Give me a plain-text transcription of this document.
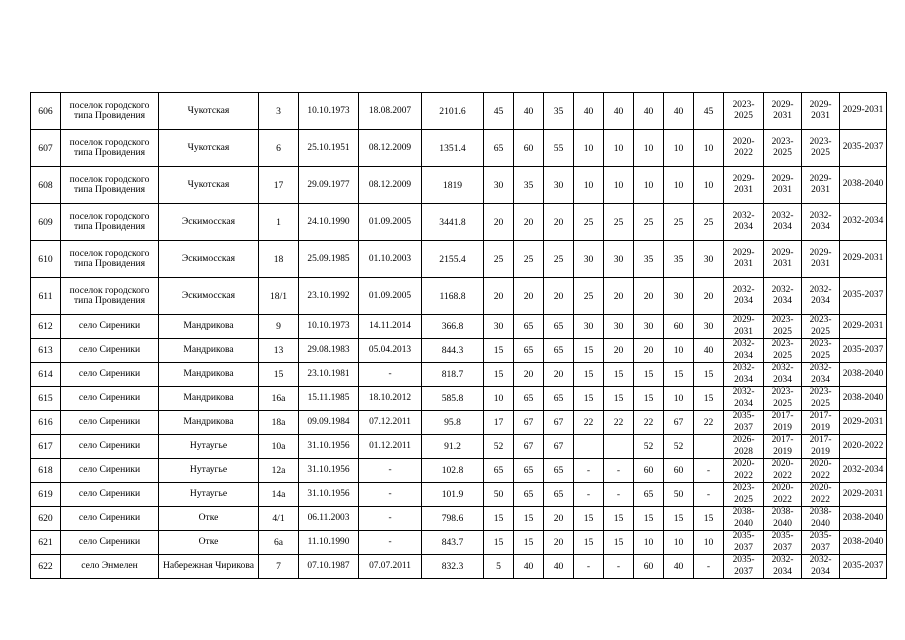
606	поселок городского типа Провидения	Чукотская	3	10.10.1973	18.08.2007	2101.6	45	40	35	40	40	40	40	45	2023-2025	2029-2031	2029-2031	2029-2031
607	поселок городского типа Провидения	Чукотская	6	25.10.1951	08.12.2009	1351.4	65	60	55	10	10	10	10	10	2020-2022	2023-2025	2023-2025	2035-2037
608	поселок городского типа Провидения	Чукотская	17	29.09.1977	08.12.2009	1819	30	35	30	10	10	10	10	10	2029-2031	2029-2031	2029-2031	2038-2040
609	поселок городского типа Провидения	Эскимосская	1	24.10.1990	01.09.2005	3441.8	20	20	20	25	25	25	25	25	2032-2034	2032-2034	2032-2034	2032-2034
610	поселок городского типа Провидения	Эскимосская	18	25.09.1985	01.10.2003	2155.4	25	25	25	30	30	35	35	30	2029-2031	2029-2031	2029-2031	2029-2031
611	поселок городского типа Провидения	Эскимосская	18/1	23.10.1992	01.09.2005	1168.8	20	20	20	25	20	20	30	20	2032-2034	2032-2034	2032-2034	2035-2037
612	село Сиреники	Мандрикова	9	10.10.1973	14.11.2014	366.8	30	65	65	30	30	30	60	30	2029-2031	2023-2025	2023-2025	2029-2031
613	село Сиреники	Мандрикова	13	29.08.1983	05.04.2013	844.3	15	65	65	15	20	20	10	40	2032-2034	2023-2025	2023-2025	2035-2037
614	село Сиреники	Мандрикова	15	23.10.1981	-	818.7	15	20	20	15	15	15	15	15	2032-2034	2032-2034	2032-2034	2038-2040
615	село Сиреники	Мандрикова	16а	15.11.1985	18.10.2012	585.8	10	65	65	15	15	15	10	15	2032-2034	2023-2025	2023-2025	2038-2040
616	село Сиреники	Мандрикова	18а	09.09.1984	07.12.2011	95.8	17	67	67	22	22	22	67	22	2035-2037	2017-2019	2017-2019	2029-2031
617	село Сиреники	Нутаугье	10а	31.10.1956	01.12.2011	91.2	52	67	67			52	52		2026-2028	2017-2019	2017-2019	2020-2022
618	село Сиреники	Нутаугье	12а	31.10.1956	-	102.8	65	65	65	-	-	60	60	-	2020-2022	2020-2022	2020-2022	2032-2034
619	село Сиреники	Нутаугье	14а	31.10.1956	-	101.9	50	65	65	-	-	65	50	-	2023-2025	2020-2022	2020-2022	2029-2031
620	село Сиреники	Отке	4/1	06.11.2003	-	798.6	15	15	20	15	15	15	15	15	2038-2040	2038-2040	2038-2040	2038-2040
621	село Сиреники	Отке	6а	11.10.1990	-	843.7	15	15	20	15	15	10	10	10	2035-2037	2035-2037	2035-2037	2038-2040
622	село Энмелен	Набережная Чирикова	7	07.10.1987	07.07.2011	832.3	5	40	40	-	-	60	40	-	2035-2037	2032-2034	2032-2034	2035-2037
